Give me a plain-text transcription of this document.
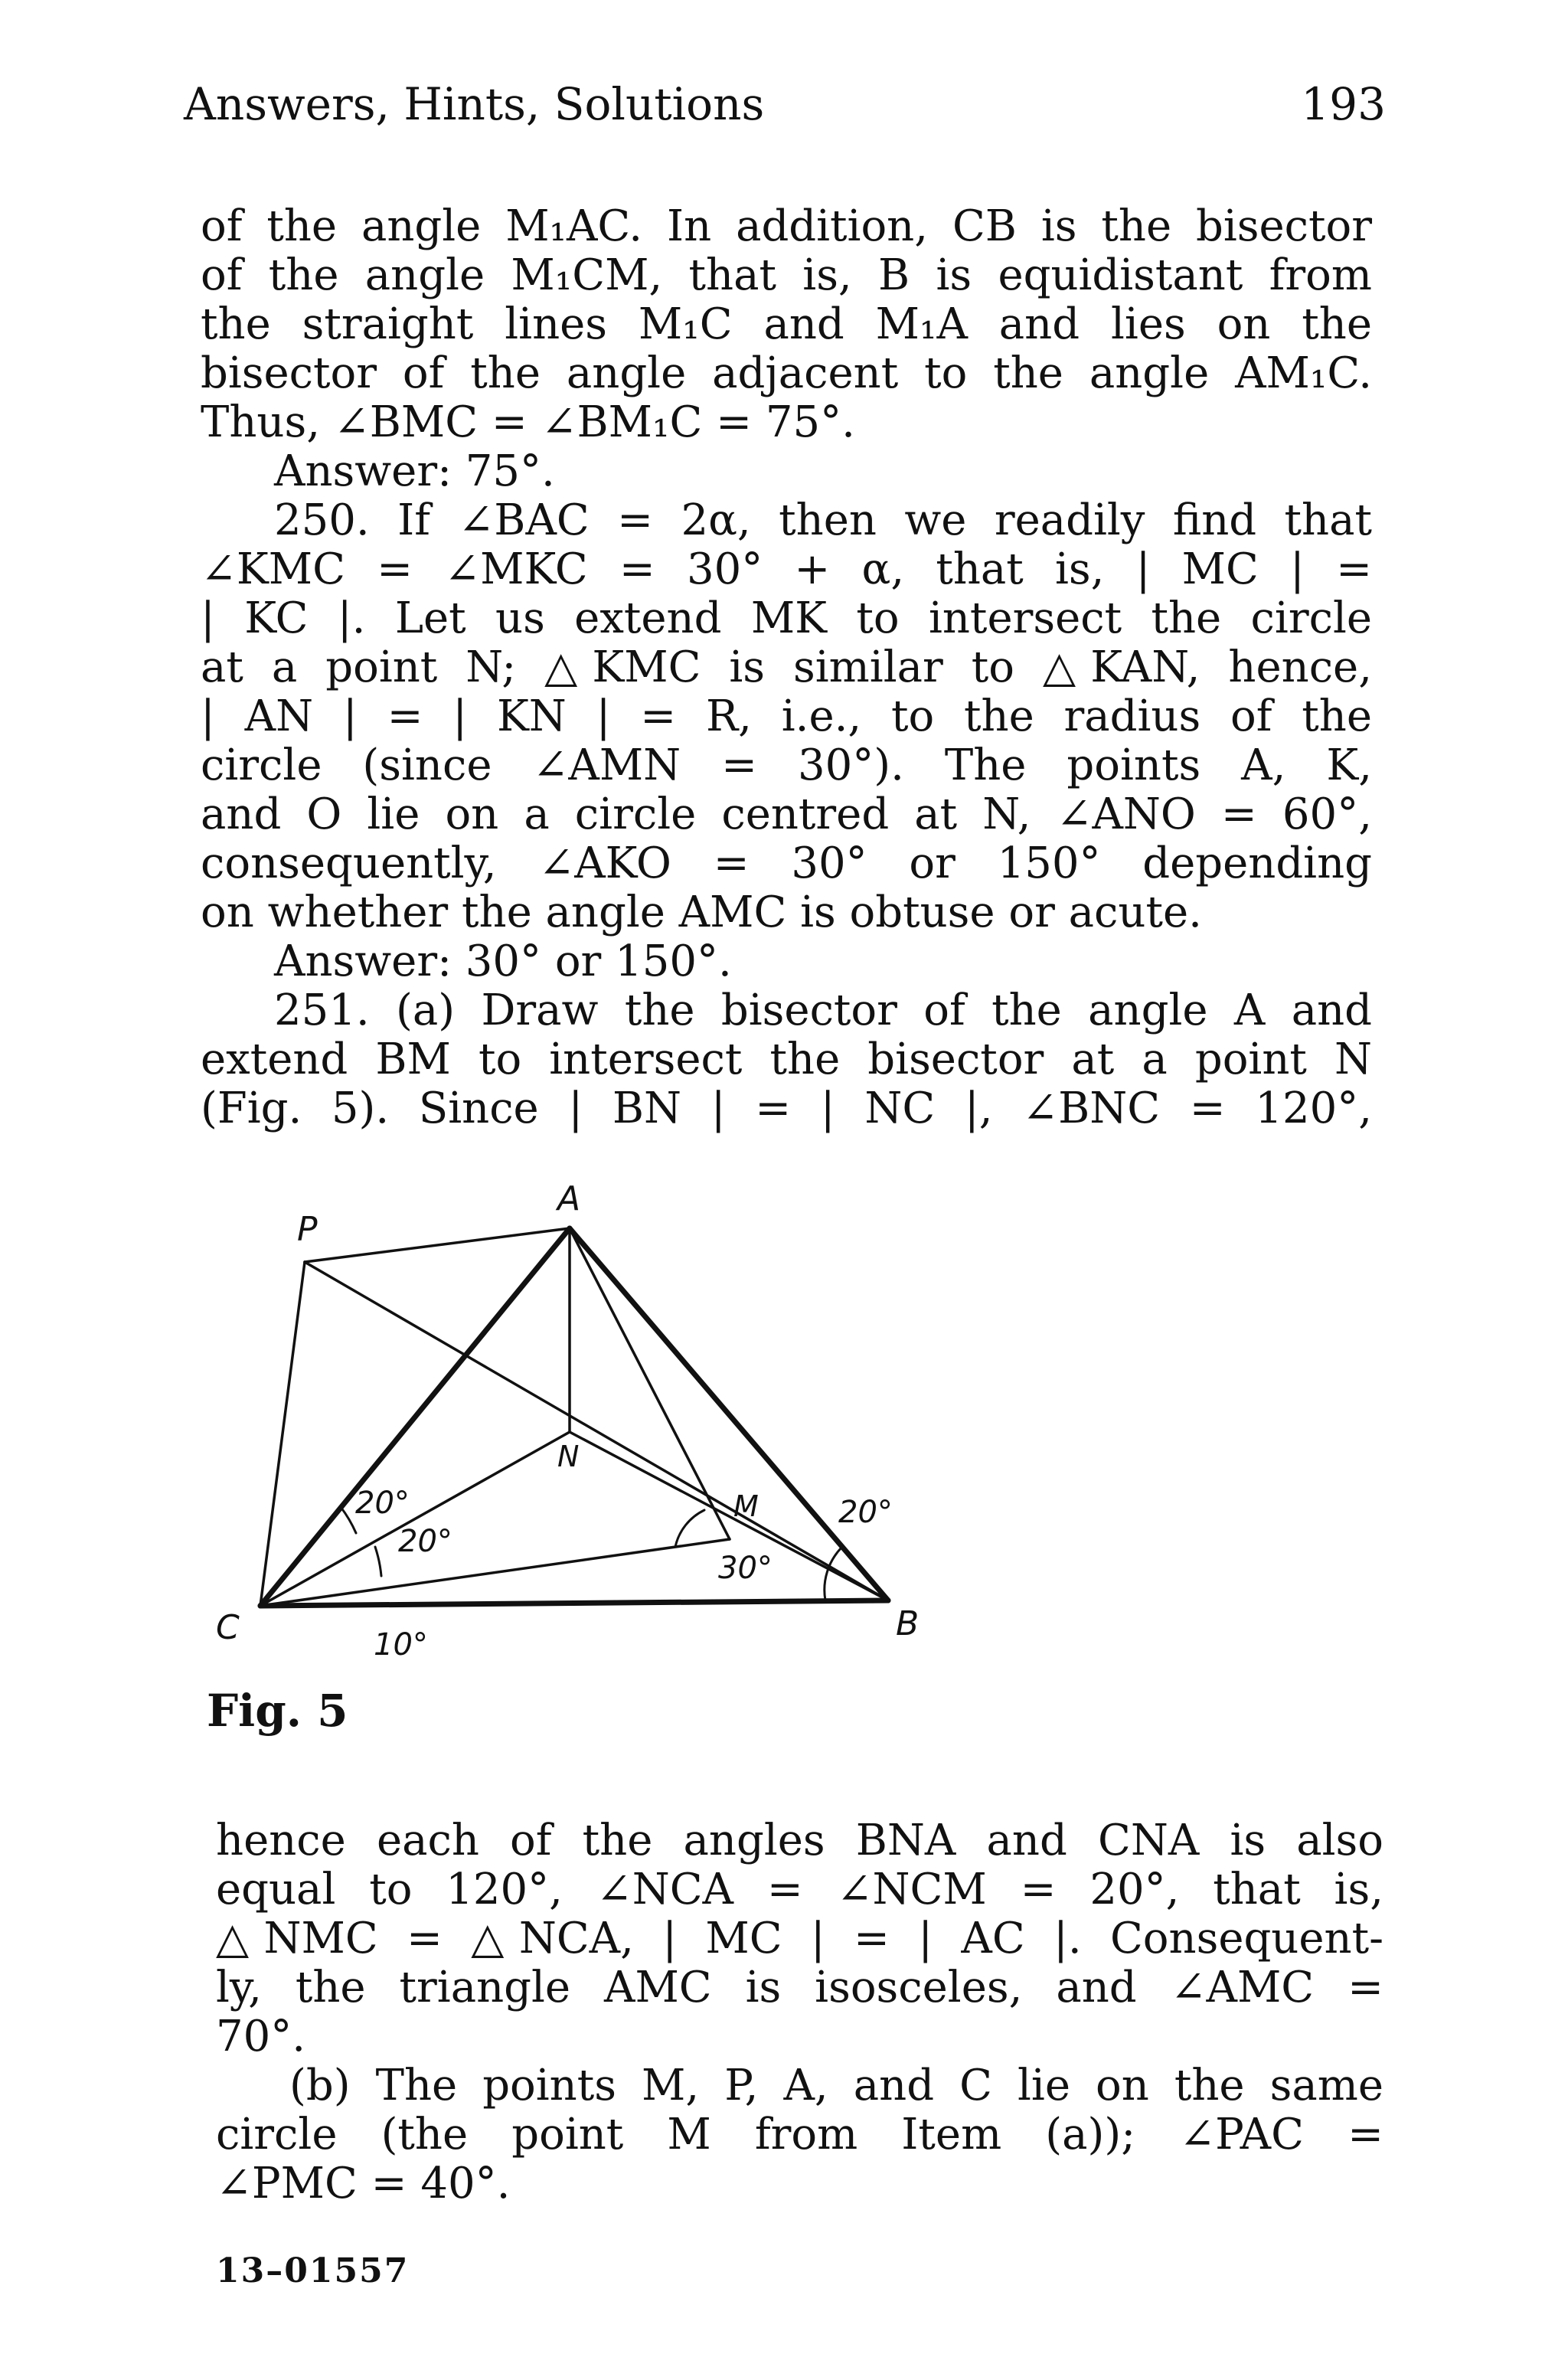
Answers, Hints, Solutions	193
of the angle M₁AC. In addition, CB is the bisector
of the angle M₁CM, that is, B is equidistant from
the straight lines M₁C and M₁A and lies on the
bisector of the angle adjacent to the angle AM₁C.
Thus, ∠BMC = ∠BM₁C = 75°.
Answer: 75°.
250. If ∠BAC = 2α, then we readily find that
∠KMC = ∠MKC = 30° + α, that is, | MC | =
| KC |. Let us extend MK to intersect the circle
at a point N; △KMC is similar to △KAN, hence,
| AN | = | KN | = R, i.e., to the radius of the
circle (since ∠AMN = 30°). The points A, K,
and O lie on a circle centred at N, ∠ANO = 60°,
consequently, ∠AKO = 30° or 150° depending
on whether the angle AMC is obtuse or acute.
Answer: 30° or 150°.
251. (a) Draw the bisector of the angle A and
extend BM to intersect the bisector at a point N
(Fig. 5). Since | BN | = | NC |, ∠BNC = 120°,
P
A
N
M
C	B
20°
20°
10°
30°
20°
Fig. 5
hence each of the angles BNA and CNA is also
equal to 120°, ∠NCA = ∠NCM = 20°, that is,
△NMC = △NCA, | MC | = | AC |. Consequent-
ly, the triangle AMC is isosceles, and ∠AMC =
70°.
(b) The points M, P, A, and C lie on the same
circle (the point M from Item (a)); ∠PAC =
∠PMC = 40°.
13–01557
